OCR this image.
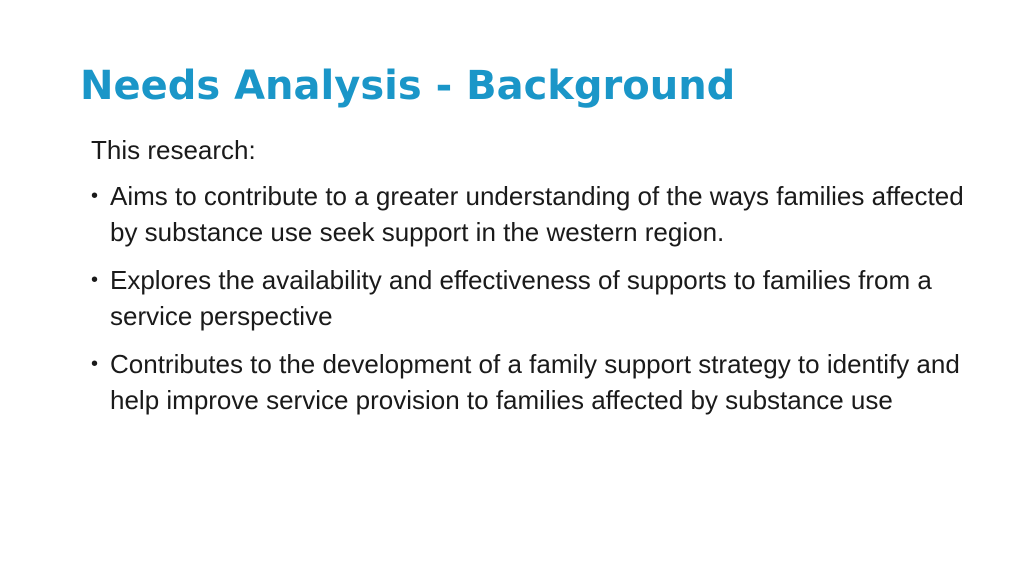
Needs Analysis - Background

This research:

• Aims to contribute to a greater understanding of the ways families affected by substance use seek support in the western region.
• Explores the availability and effectiveness of supports to families from a service perspective
• Contributes to the development of a family support strategy to identify and help improve service provision to families affected by substance use
